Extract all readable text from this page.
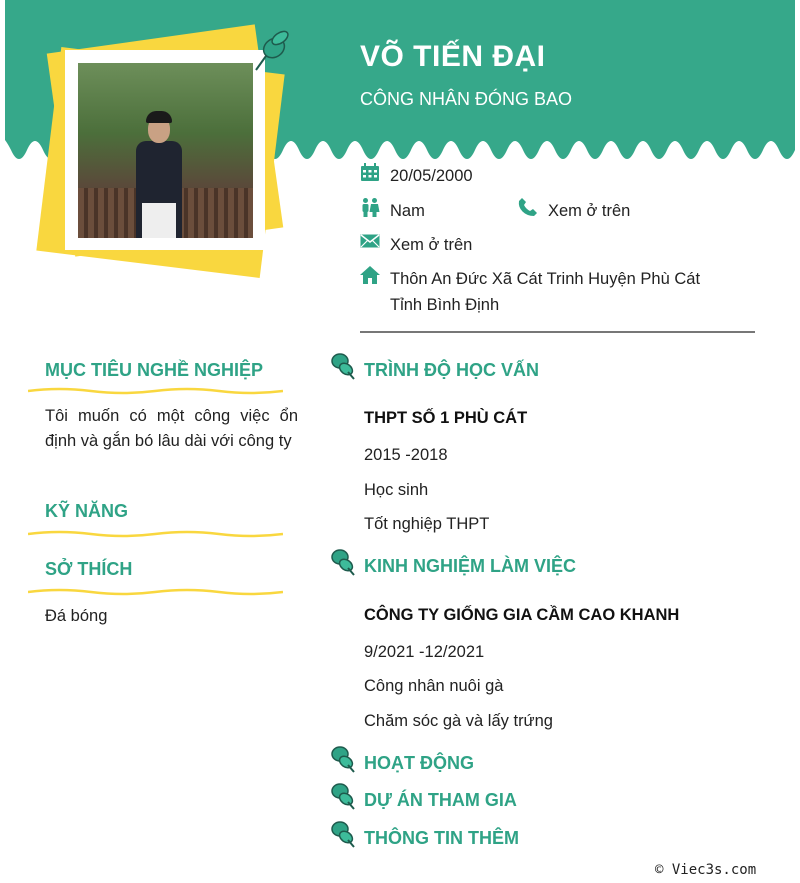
VÕ TIẾN ĐẠI
CÔNG NHÂN ĐÓNG BAO
20/05/2000
Nam	Xem ở trên
Xem ở trên
Thôn An Đức Xã Cát Trinh Huyện Phù Cát
Tỉnh Bình Định
MỤC TIÊU NGHỀ NGHIỆP
Tôi muốn có một công việc ổn định và gắn bó lâu dài với công ty
KỸ NĂNG
SỞ THÍCH
Đá bóng
TRÌNH ĐỘ HỌC VẤN
THPT SỐ 1 PHÙ CÁT
2015 -2018
Học sinh
Tốt nghiệp THPT
KINH NGHIỆM LÀM VIỆC
CÔNG TY GIỐNG GIA CẦM CAO KHANH
9/2021 -12/2021
Công nhân nuôi gà
Chăm sóc gà và lấy trứng
HOẠT ĐỘNG
DỰ ÁN THAM GIA
THÔNG TIN THÊM
© Viec3s.com
